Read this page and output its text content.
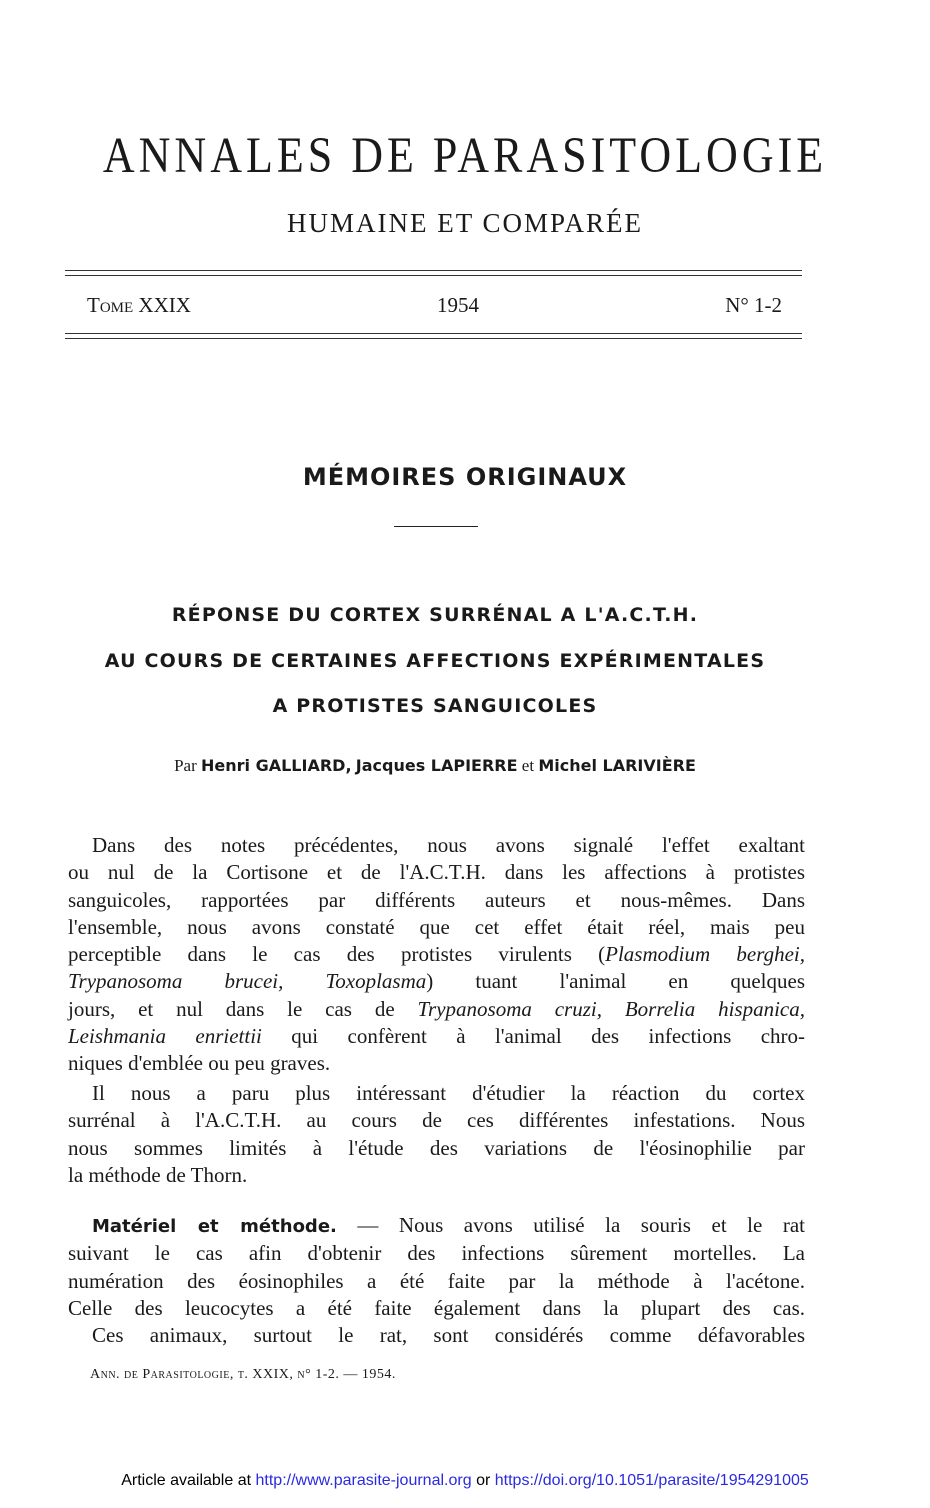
ANNALES DE PARASITOLOGIE
HUMAINE ET COMPARÉE
Tome XXIX	1954	N° 1-2
MÉMOIRES ORIGINAUX
RÉPONSE DU CORTEX SURRÉNAL A L'A.C.T.H.
AU COURS DE CERTAINES AFFECTIONS EXPÉRIMENTALES
A PROTISTES SANGUICOLES
Par Henri GALLIARD, Jacques LAPIERRE et Michel LARIVIÈRE
Dans des notes précédentes, nous avons signalé l'effet exaltant
ou nul de la Cortisone et de l'A.C.T.H. dans les affections à protistes
sanguicoles, rapportées par différents auteurs et nous-mêmes. Dans
l'ensemble, nous avons constaté que cet effet était réel, mais peu
perceptible dans le cas des protistes virulents (Plasmodium berghei,
Trypanosoma brucei, Toxoplasma) tuant l'animal en quelques
jours, et nul dans le cas de Trypanosoma cruzi, Borrelia hispanica,
Leishmania enriettii qui confèrent à l'animal des infections chro-
niques d'emblée ou peu graves.
Il nous a paru plus intéressant d'étudier la réaction du cortex
surrénal à l'A.C.T.H. au cours de ces différentes infestations. Nous
nous sommes limités à l'étude des variations de l'éosinophilie par
la méthode de Thorn.
Matériel et méthode. — Nous avons utilisé la souris et le rat
suivant le cas afin d'obtenir des infections sûrement mortelles. La
numération des éosinophiles a été faite par la méthode à l'acétone.
Celle des leucocytes a été faite également dans la plupart des cas.
Ces animaux, surtout le rat, sont considérés comme défavorables
Ann. de Parasitologie, t. XXIX, n° 1-2. — 1954.
Article available at http://www.parasite-journal.org or https://doi.org/10.1051/parasite/1954291005
